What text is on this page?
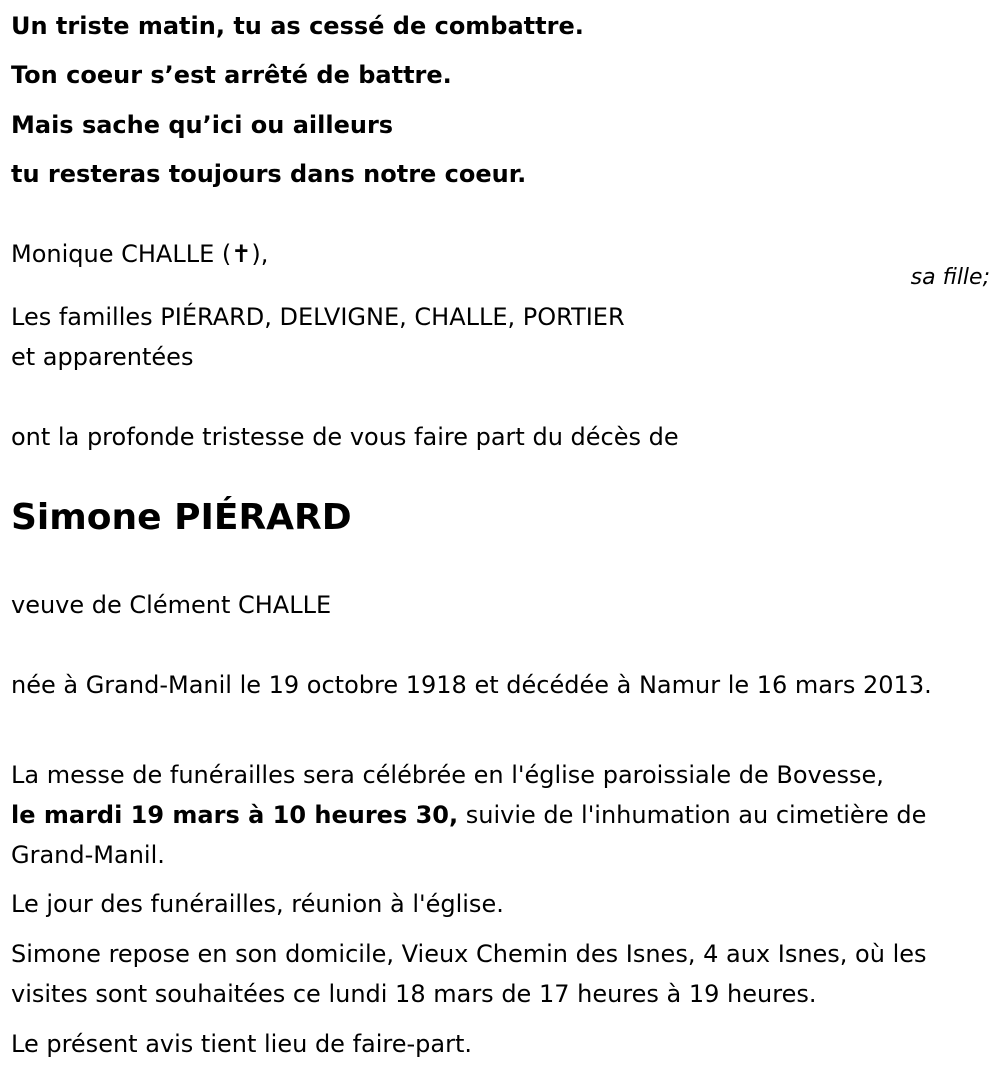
Un triste matin, tu as cessé de combattre.
Ton coeur s’est arrêté de battre.
Mais sache qu’ici ou ailleurs
tu resteras toujours dans notre coeur.
Monique CHALLE (✝),
sa fille;
Les familles PIÉRARD, DELVIGNE, CHALLE, PORTIER
et apparentées
ont la profonde tristesse de vous faire part du décès de
Simone PIÉRARD
veuve de Clément CHALLE
née à Grand-Manil le 19 octobre 1918 et décédée à Namur le 16 mars 2013.
La messe de funérailles sera célébrée en l'église paroissiale de Bovesse,
le mardi 19 mars à 10 heures 30, suivie de l'inhumation au cimetière de Grand-Manil.
Le jour des funérailles, réunion à l'église.
Simone repose en son domicile, Vieux Chemin des Isnes, 4 aux Isnes, où les visites sont souhaitées ce lundi 18 mars de 17 heures à 19 heures.
Le présent avis tient lieu de faire-part.
